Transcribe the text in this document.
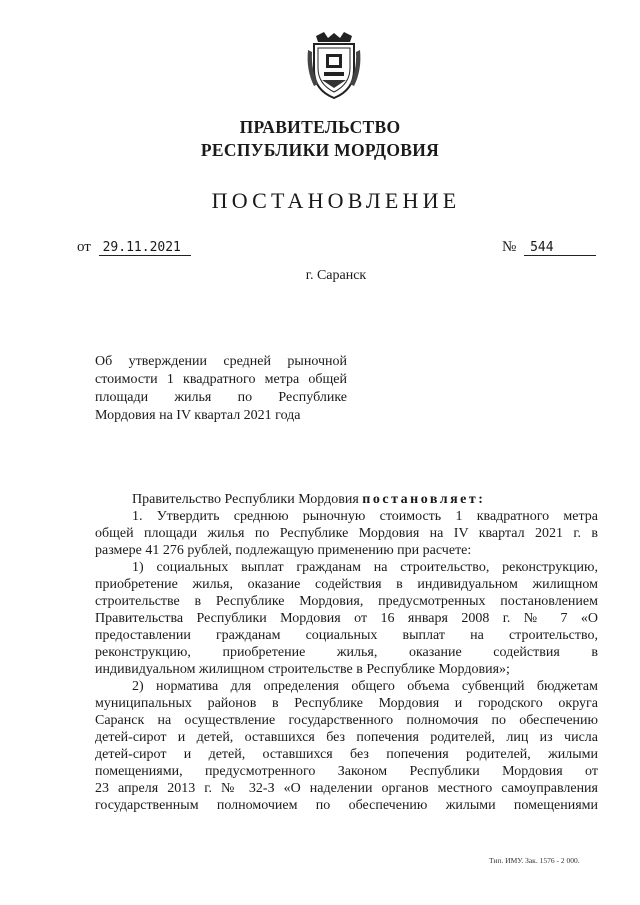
ПРАВИТЕЛЬСТВО
РЕСПУБЛИКИ МОРДОВИЯ
ПОСТАНОВЛЕНИЕ
от 29.11.2021	№ 544
г. Саранск
Об утверждении средней рыночной
стоимости 1 квадратного метра общей
площади жилья по Республике
Мордовия на IV квартал 2021 года
Правительство Республики Мордовия постановляет:
1. Утвердить среднюю рыночную стоимость 1 квадратного метра
общей площади жилья по Республике Мордовия на IV квартал 2021 г. в
размере 41 276 рублей, подлежащую применению при расчете:
1) социальных выплат гражданам на строительство, реконструкцию,
приобретение жилья, оказание содействия в индивидуальном жилищном
строительстве в Республике Мордовия, предусмотренных постановлением
Правительства Республики Мордовия от 16 января 2008 г. № 7 «О
предоставлении гражданам социальных выплат на строительство,
реконструкцию, приобретение жилья, оказание содействия в
индивидуальном жилищном строительстве в Республике Мордовия»;
2) норматива для определения общего объема субвенций бюджетам
муниципальных районов в Республике Мордовия и городского округа
Саранск на осуществление государственного полномочия по обеспечению
детей-сирот и детей, оставшихся без попечения родителей, лиц из числа
детей-сирот и детей, оставшихся без попечения родителей, жилыми
помещениями, предусмотренного Законом Республики Мордовия от
23 апреля 2013 г. № 32-З «О наделении органов местного самоуправления
государственным полномочием по обеспечению жилыми помещениями
Тип. ИМУ. Зак. 1576 - 2 000.
